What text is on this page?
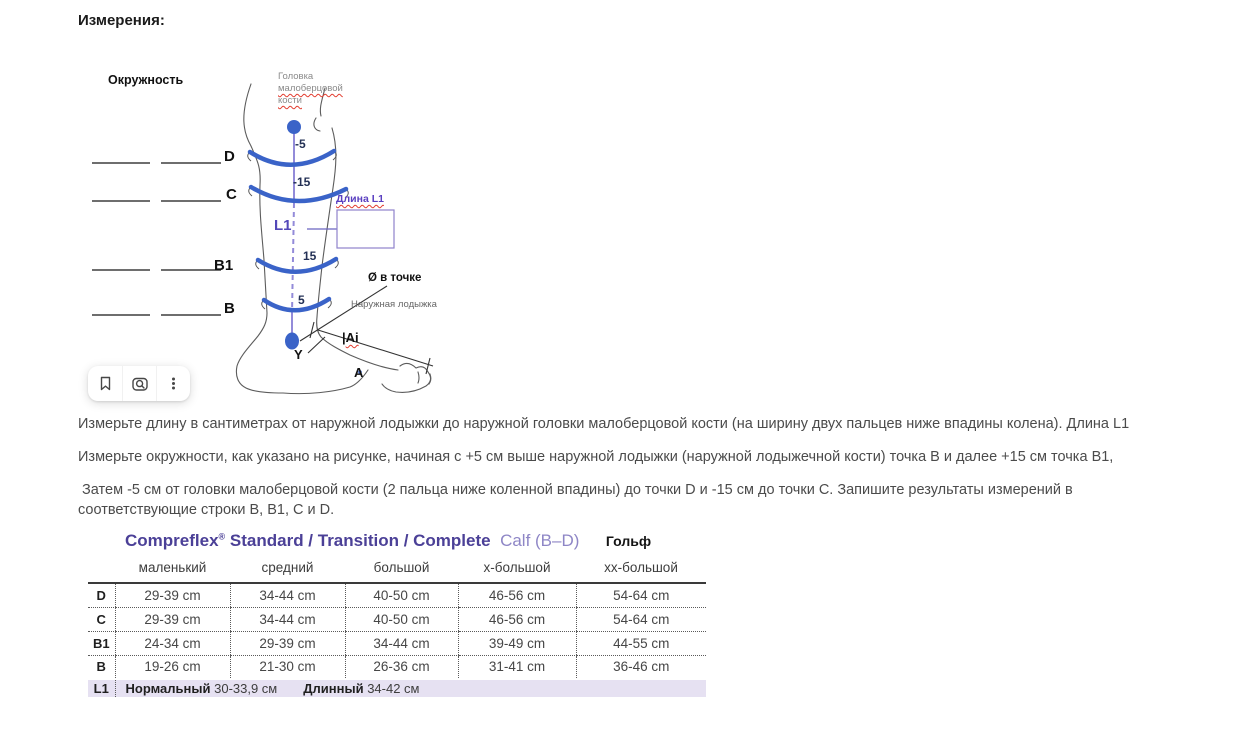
Измерения:
Окружность	Головка
малоберцовой
кости
D
C
B1
B
-5
-15
15
5
L1
Длина L1
Ø в точке
Наружная лодыжка
Y
|Ai
A

Измерьте длину в сантиметрах от наружной лодыжки до наружной головки малоберцовой кости (на ширину двух пальцев ниже впадины колена). Длина L1

Измерьте окружности, как указано на рисунке, начиная с +5 см выше наружной лодыжки (наружной лодыжечной кости) точка B и далее +15 см точка B1,

Затем -5 см от головки малоберцовой кости (2 пальца ниже коленной впадины) до точки D и -15 см до точки C. Запишите результаты измерений в соответствующие строки B, B1, C и D.

Compreflex® Standard / Transition / Complete Calf (B–D) Гольф
	маленький	средний	большой	х-большой	хх-большой
D	29-39 cm	34-44 cm	40-50 cm	46-56 cm	54-64 cm
C	29-39 cm	34-44 cm	40-50 cm	46-56 cm	54-64 cm
B1	24-34 cm	29-39 cm	34-44 cm	39-49 cm	44-55 cm
B	19-26 cm	21-30 cm	26-36 cm	31-41 cm	36-46 cm
L1	Нормальный 30-33,9 см Длинный 34-42 см				
